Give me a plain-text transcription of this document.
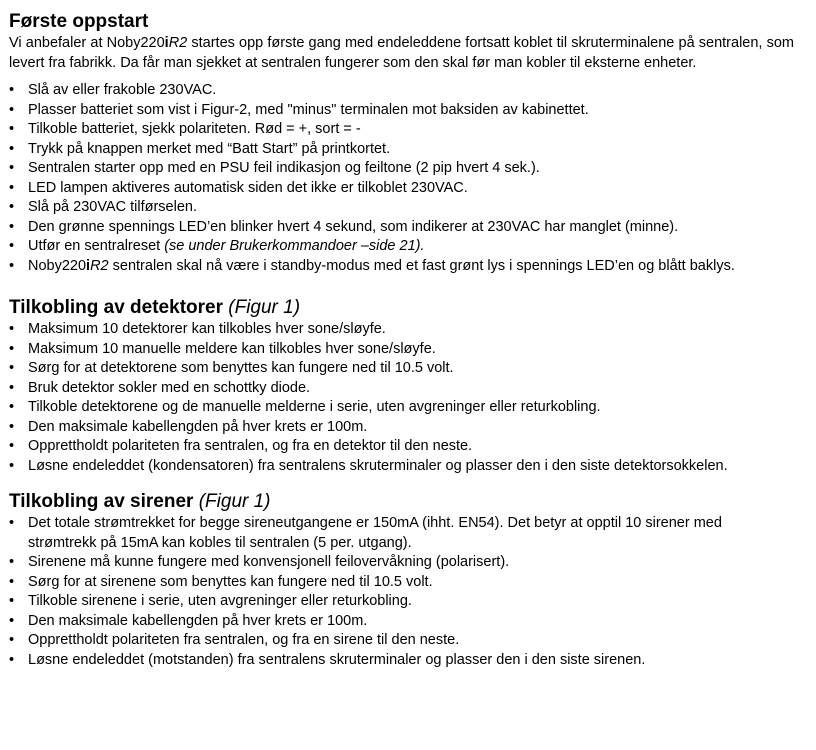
Første oppstart

Vi anbefaler at Noby220iR2 startes opp første gang med endeleddene fortsatt koblet til skruterminalene på sentralen, som levert fra fabrikk. Da får man sjekket at sentralen fungerer som den skal før man kobler til eksterne enheter.

• Slå av eller frakoble 230VAC.
• Plasser batteriet som vist i Figur-2, med "minus" terminalen mot baksiden av kabinettet.
• Tilkoble batteriet, sjekk polariteten. Rød = +, sort = -
• Trykk på knappen merket med “Batt Start” på printkortet.
• Sentralen starter opp med en PSU feil indikasjon og feiltone (2 pip hvert 4 sek.).
• LED lampen aktiveres automatisk siden det ikke er tilkoblet 230VAC.
• Slå på 230VAC tilførselen.
• Den grønne spennings LED’en blinker hvert 4 sekund, som indikerer at 230VAC har manglet (minne).
• Utfør en sentralreset (se under Brukerkommandoer –side 21).
• Noby220iR2 sentralen skal nå være i standby-modus med et fast grønt lys i spennings LED’en og blått baklys.
Tilkobling av detektorer (Figur 1)
• Maksimum 10 detektorer kan tilkobles hver sone/sløyfe.
• Maksimum 10 manuelle meldere kan tilkobles hver sone/sløyfe.
• Sørg for at detektorene som benyttes kan fungere ned til 10.5 volt.
• Bruk detektor sokler med en schottky diode.
• Tilkoble detektorene og de manuelle melderne i serie, uten avgreninger eller returkobling.
• Den maksimale kabellengden på hver krets er 100m.
• Opprettholdt polariteten fra sentralen, og fra en detektor til den neste.
• Løsne endeleddet (kondensatoren) fra sentralens skruterminaler og plasser den i den siste detektorsokkelen.
Tilkobling av sirener (Figur 1)
• Det totale strømtrekket for begge sireneutgangene er 150mA (ihht. EN54). Det betyr at opptil 10 sirener med strømtrekk på 15mA kan kobles til sentralen (5 per. utgang).
• Sirenene må kunne fungere med konvensjonell feilovervåkning (polarisert).
• Sørg for at sirenene som benyttes kan fungere ned til 10.5 volt.
• Tilkoble sirenene i serie, uten avgreninger eller returkobling.
• Den maksimale kabellengden på hver krets er 100m.
• Opprettholdt polariteten fra sentralen, og fra en sirene til den neste.
• Løsne endeleddet (motstanden) fra sentralens skruterminaler og plasser den i den siste sirenen.
